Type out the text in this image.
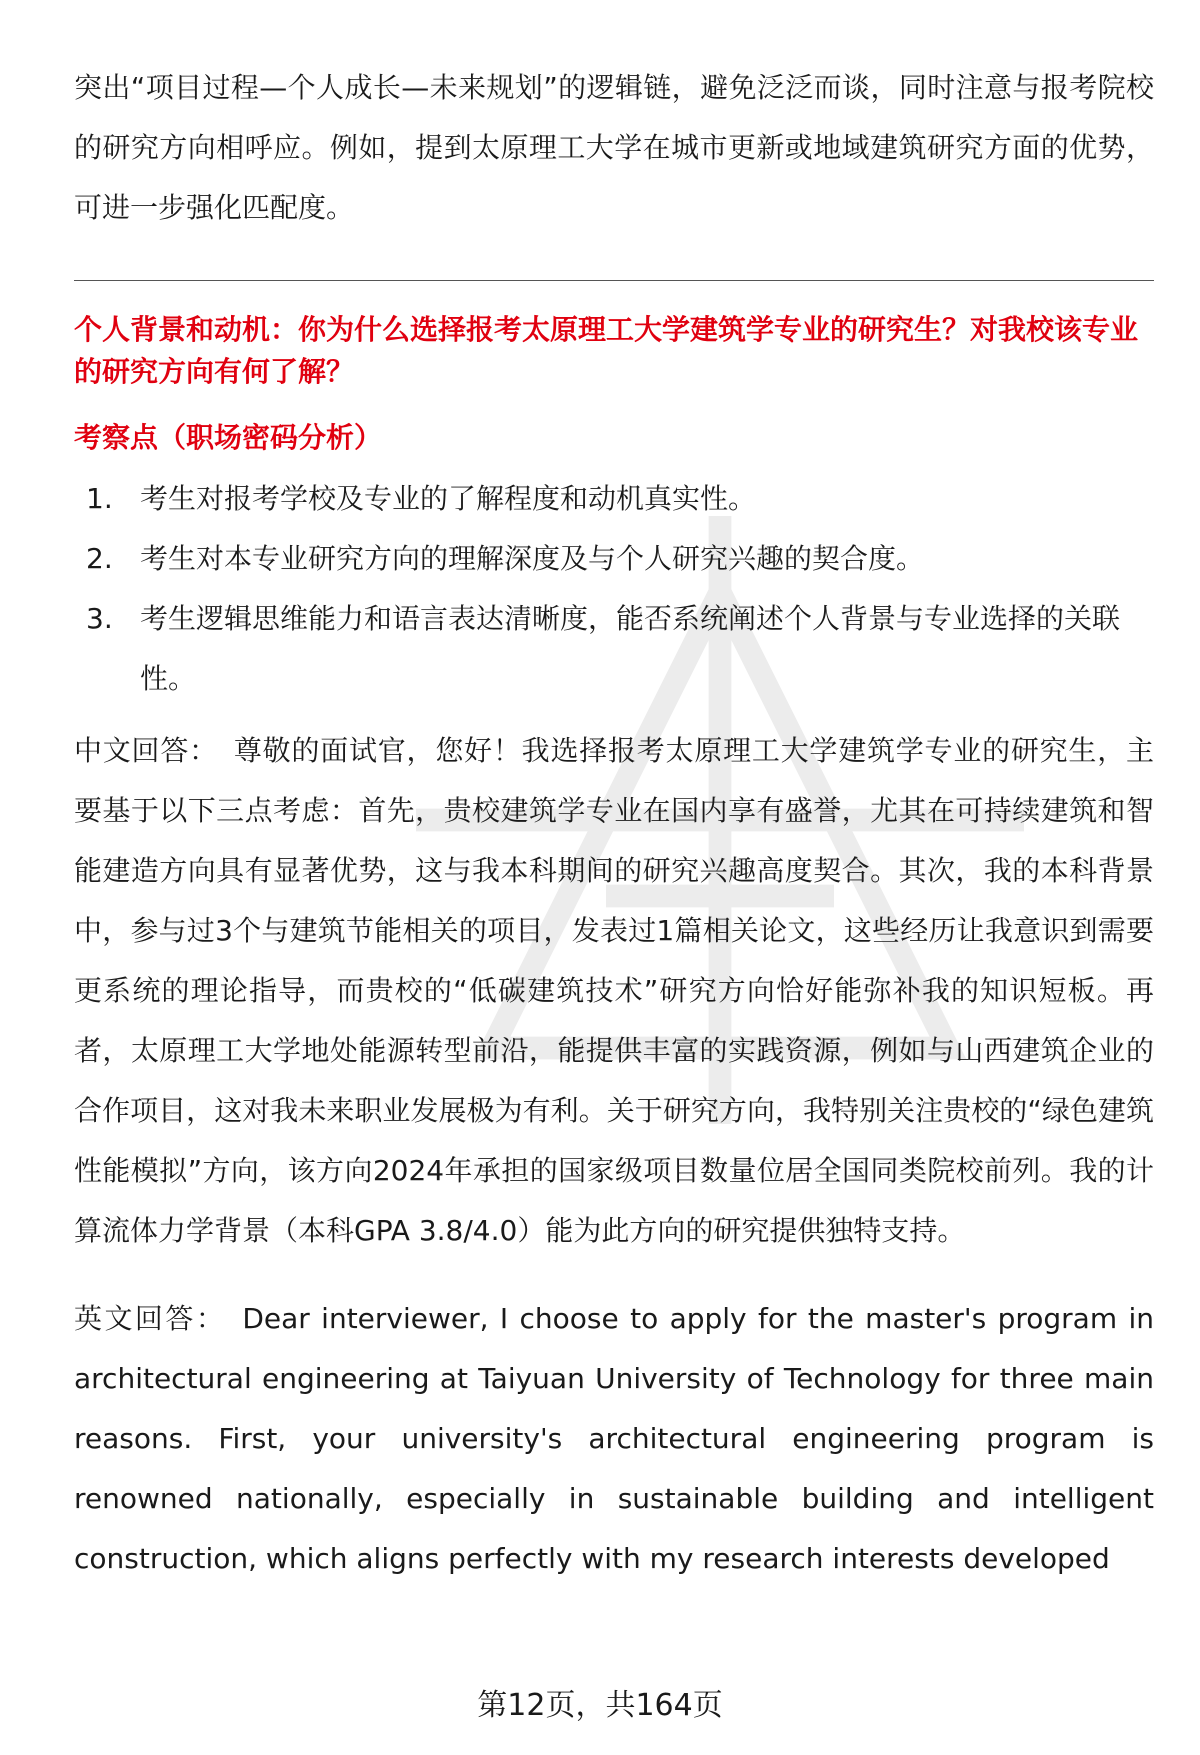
突出“项目过程—个人成长—未来规划”的逻辑链，避免泛泛而谈，同时注意与报考院校的研究方向相呼应。例如，提到太原理工大学在城市更新或地域建筑研究方面的优势，可进一步强化匹配度。

个人背景和动机：你为什么选择报考太原理工大学建筑学专业的研究生？对我校该专业的研究方向有何了解？

考察点（职场密码分析）

1. 考生对报考学校及专业的了解程度和动机真实性。
2. 考生对本专业研究方向的理解深度及与个人研究兴趣的契合度。
3. 考生逻辑思维能力和语言表达清晰度，能否系统阐述个人背景与专业选择的关联性。

中文回答： 尊敬的面试官，您好！我选择报考太原理工大学建筑学专业的研究生，主要基于以下三点考虑：首先，贵校建筑学专业在国内享有盛誉，尤其在可持续建筑和智能建造方向具有显著优势，这与我本科期间的研究兴趣高度契合。其次，我的本科背景中，参与过3个与建筑节能相关的项目，发表过1篇相关论文，这些经历让我意识到需要更系统的理论指导，而贵校的“低碳建筑技术”研究方向恰好能弥补我的知识短板。再者，太原理工大学地处能源转型前沿，能提供丰富的实践资源，例如与山西建筑企业的合作项目，这对我未来职业发展极为有利。关于研究方向，我特别关注贵校的“绿色建筑性能模拟”方向，该方向2024年承担的国家级项目数量位居全国同类院校前列。我的计算流体力学背景（本科GPA 3.8/4.0）能为此方向的研究提供独特支持。

英文回答： Dear interviewer, I choose to apply for the master's program in architectural engineering at Taiyuan University of Technology for three main reasons. First, your university's architectural engineering program is renowned nationally, especially in sustainable building and intelligent construction, which aligns perfectly with my research interests developed

第12页，共164页
